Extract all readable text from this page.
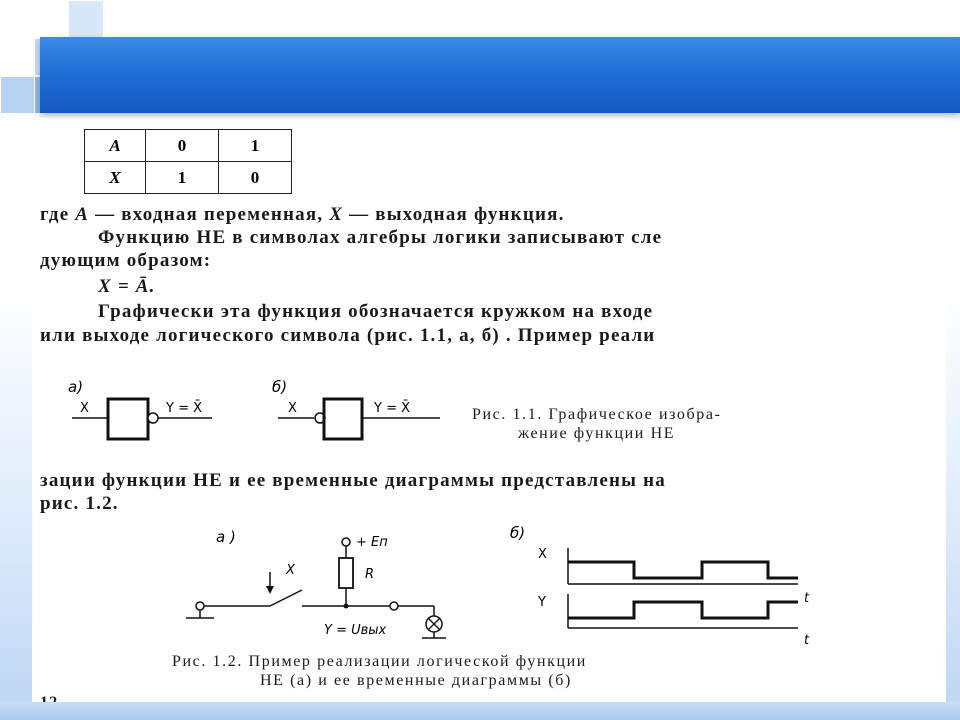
A	0	1
X	1	0
где A — входная переменная, X — выходная функция.
Функцию НЕ в символах алгебры логики записывают сле
дующим образом:
X = Ā.
Графически эта функция обозначается кружком на входе
или выходе логического символа (рис. 1.1, а, б) . Пример реали
а)	б)
X	Y = X̄	X	Y = X̄	Рис. 1.1. Графическое изобра-
жение функции НЕ
зации функции НЕ и ее временные диаграммы представлены на
рис. 1.2.
а )	+ Еп
R
X
Y = Uвых
б)
X
t
Y
t
Рис. 1.2. Пример реализации логической функции
НЕ (а) и ее временные диаграммы (б)
